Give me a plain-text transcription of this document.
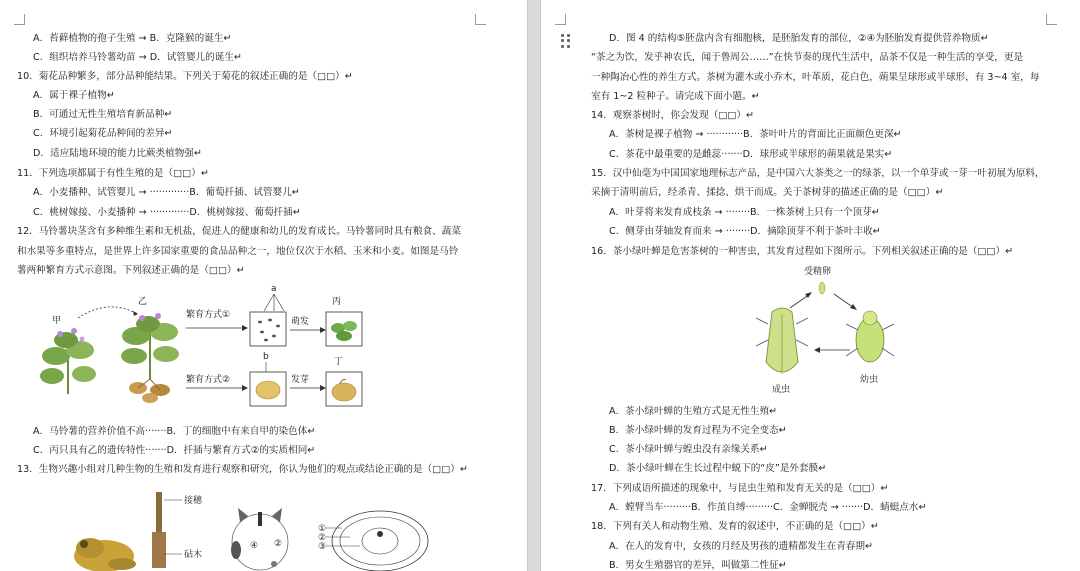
A．苔藓植物的孢子生殖 → B．克隆猴的诞生↵
C．组织培养马铃薯幼苗 → D．试管婴儿的诞生↵
10．菊花品种繁多，部分品种能结果。下列关于菊花的叙述正确的是（□□）↵
A．属于裸子植物↵
B．可通过无性生殖培育新品种↵
C．环境引起菊花品种间的差异↵
D．适应陆地环境的能力比蕨类植物强↵
11．下列选项都属于有性生殖的是（□□）↵
A．小麦播种、试管婴儿 → ·············B．葡萄扦插、试管婴儿↵
C．桃树嫁接、小麦播种 → ·············D．桃树嫁接、葡萄扦插↵
12．马铃薯块茎含有多种维生素和无机盐，促进人的健康和幼儿的发育成长。马铃薯同时具有粮食、蔬菜
和水果等多重特点，是世界上许多国家重要的食品品种之一，地位仅次于水稻、玉米和小麦。如图是马铃
薯两种繁育方式示意图。下列叙述正确的是（□□）↵
甲
乙
繁育方式①
a
萌发
丙
繁育方式②
b
发芽
丁
A．马铃薯的营养价值不高·······B．丁的细胞中有来自甲的染色体↵
C．丙只具有乙的遗传特性·······D．扦插与繁育方式②的实质相同↵
13．生物兴趣小组对几种生物的生殖和发育进行观察和研究，你认为他们的观点或结论正确的是（□□）↵
接穗
砧木
④ ②
①
②
③
D．图 4 的结构⑤胚盘内含有细胞核，是胚胎发育的部位，②④为胚胎发育提供营养物质↵
“茶之为饮，发乎神农氏，闻于鲁周公……”在快节奏的现代生活中，品茶不仅是一种生活的享受，更是
一种陶冶心性的养生方式。茶树为灌木或小乔木，叶革质，花白色，蒴果呈球形或半球形，有 3~4 室，每
室有 1~2 粒种子。请完成下面小题。↵
14．观察茶树时，你会发现（□□）↵
A．茶树是裸子植物 → ············B．茶叶叶片的背面比正面颜色更深↵
C．茶花中最重要的是雌蕊·······D．球形或半球形的蒴果就是果实↵
15．汉中仙毫为中国国家地理标志产品，是中国六大茶类之一的绿茶，以一个单芽或一芽一叶初展为原料，
采摘于清明前后，经杀青、揉捻、烘干而成。关于茶树芽的描述正确的是（□□）↵
A．叶芽将来发育成枝条 → ········B．一株茶树上只有一个顶芽↵
C．侧芽由芽轴发育而来 → ········D．摘除顶芽不利于茶叶丰收↵
16．茶小绿叶蝉是危害茶树的一种害虫，其发育过程如下图所示。下列相关叙述正确的是（□□）↵
受精卵
成虫
幼虫
A．茶小绿叶蝉的生殖方式是无性生殖↵
B．茶小绿叶蝉的发育过程为不完全变态↵
C．茶小绿叶蝉与蝗虫没有亲缘关系↵
D．茶小绿叶蝉在生长过程中蜕下的“皮”是外套膜↵
17．下列成语所描述的现象中，与昆虫生殖和发育无关的是（□□）↵
A．螳臂当车·········B．作茧自缚·········C．金蝉脱壳 → ·······D．蜻蜓点水↵
18．下列有关人和动物生殖、发育的叙述中，不正确的是（□□）↵
A．在人的发育中，女孩的月经及男孩的遗精都发生在青春期↵
B．男女生殖器官的差异，叫做第二性征↵
